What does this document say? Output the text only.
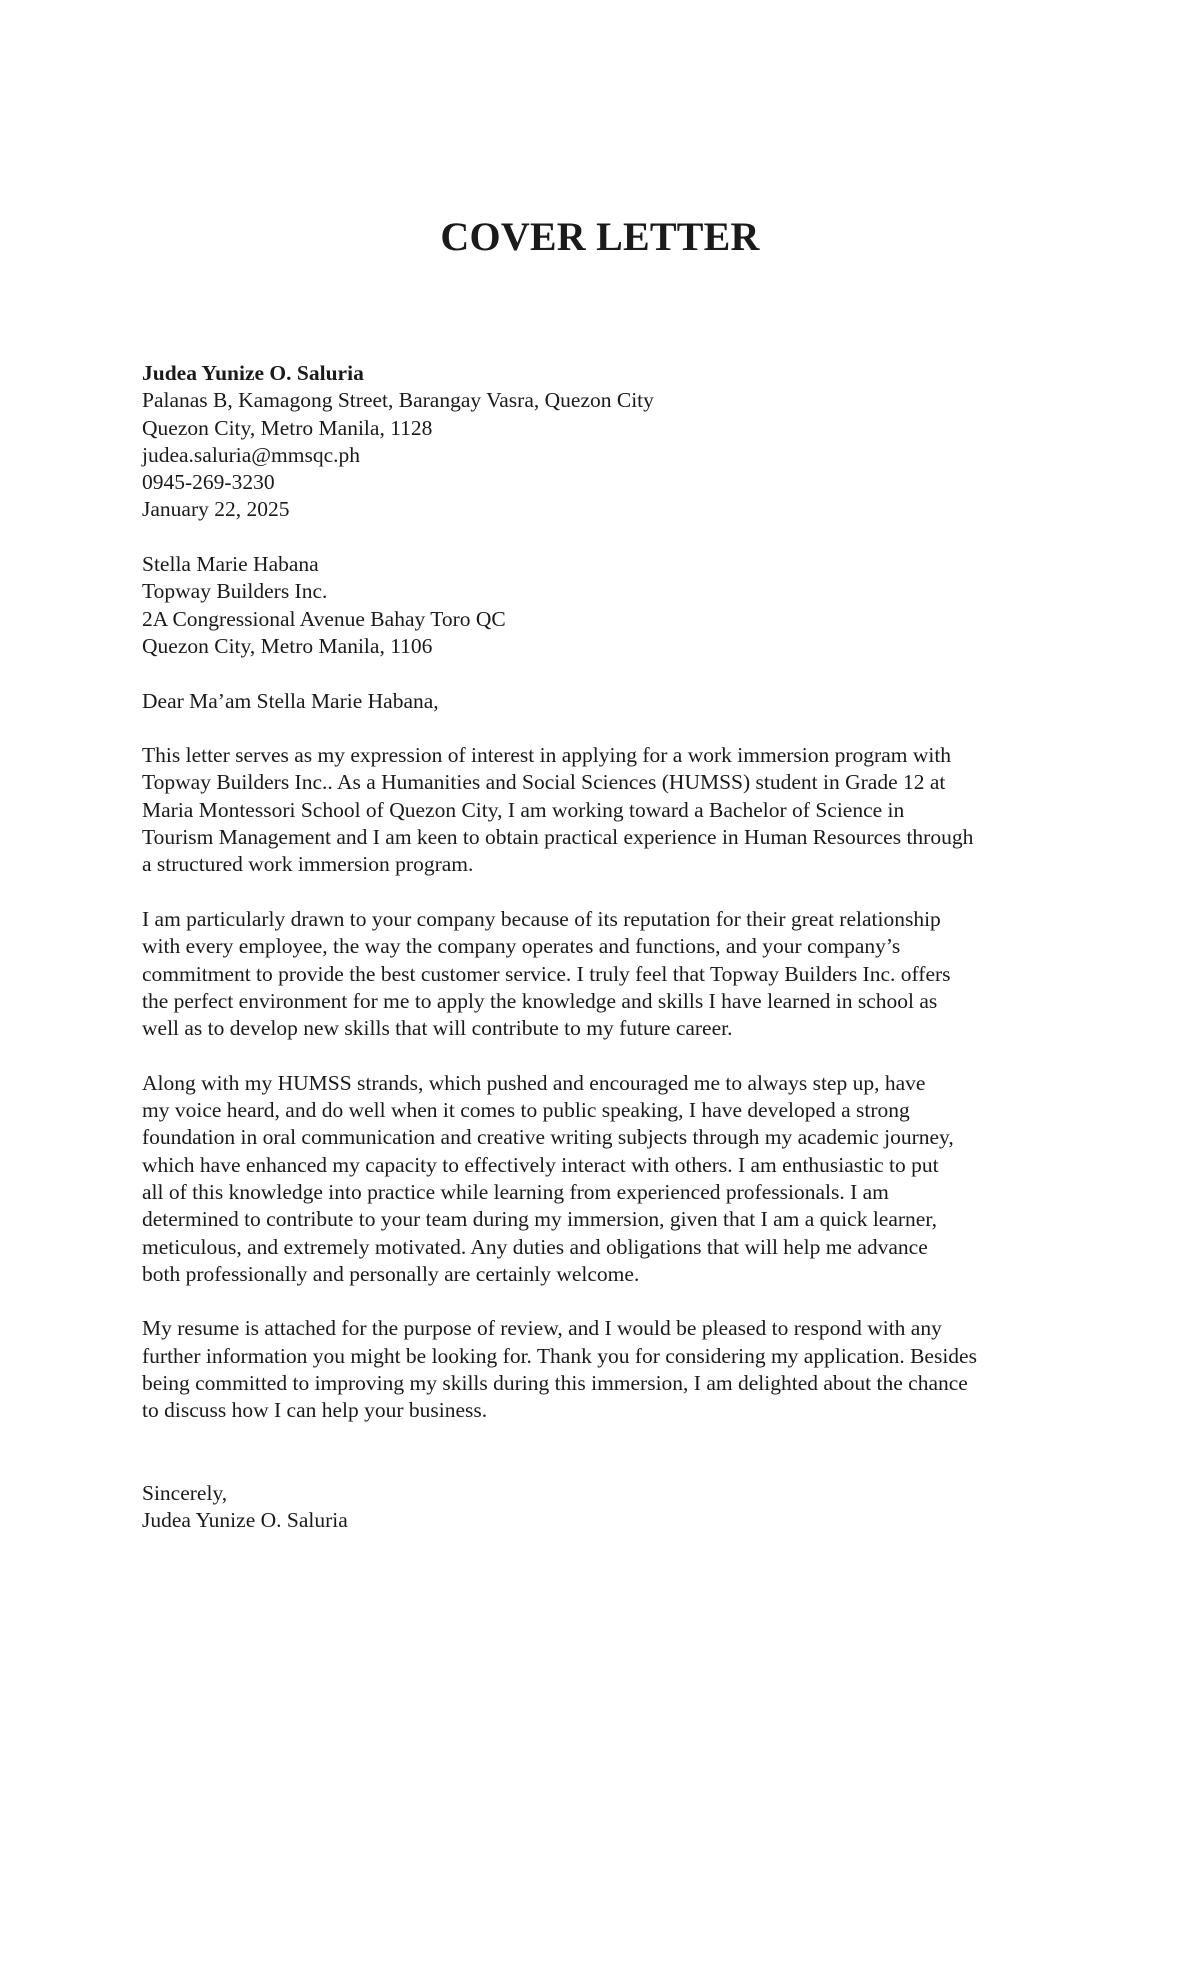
COVER LETTER
Judea Yunize O. Saluria
Palanas B, Kamagong Street, Barangay Vasra, Quezon City
Quezon City, Metro Manila, 1128
judea.saluria@mmsqc.ph
0945-269-3230
January 22, 2025
Stella Marie Habana
Topway Builders Inc.
2A Congressional Avenue Bahay Toro QC
Quezon City, Metro Manila, 1106
Dear Ma’am Stella Marie Habana,
This letter serves as my expression of interest in applying for a work immersion program with
Topway Builders Inc.. As a Humanities and Social Sciences (HUMSS) student in Grade 12 at
Maria Montessori School of Quezon City, I am working toward a Bachelor of Science in
Tourism Management and I am keen to obtain practical experience in Human Resources through
a structured work immersion program.
I am particularly drawn to your company because of its reputation for their great relationship
with every employee, the way the company operates and functions, and your company’s
commitment to provide the best customer service. I truly feel that Topway Builders Inc. offers
the perfect environment for me to apply the knowledge and skills I have learned in school as
well as to develop new skills that will contribute to my future career.
Along with my HUMSS strands, which pushed and encouraged me to always step up, have
my voice heard, and do well when it comes to public speaking, I have developed a strong
foundation in oral communication and creative writing subjects through my academic journey,
which have enhanced my capacity to effectively interact with others. I am enthusiastic to put
all of this knowledge into practice while learning from experienced professionals. I am
determined to contribute to your team during my immersion, given that I am a quick learner,
meticulous, and extremely motivated. Any duties and obligations that will help me advance
both professionally and personally are certainly welcome.
My resume is attached for the purpose of review, and I would be pleased to respond with any
further information you might be looking for. Thank you for considering my application. Besides
being committed to improving my skills during this immersion, I am delighted about the chance
to discuss how I can help your business.
Sincerely,
Judea Yunize O. Saluria
